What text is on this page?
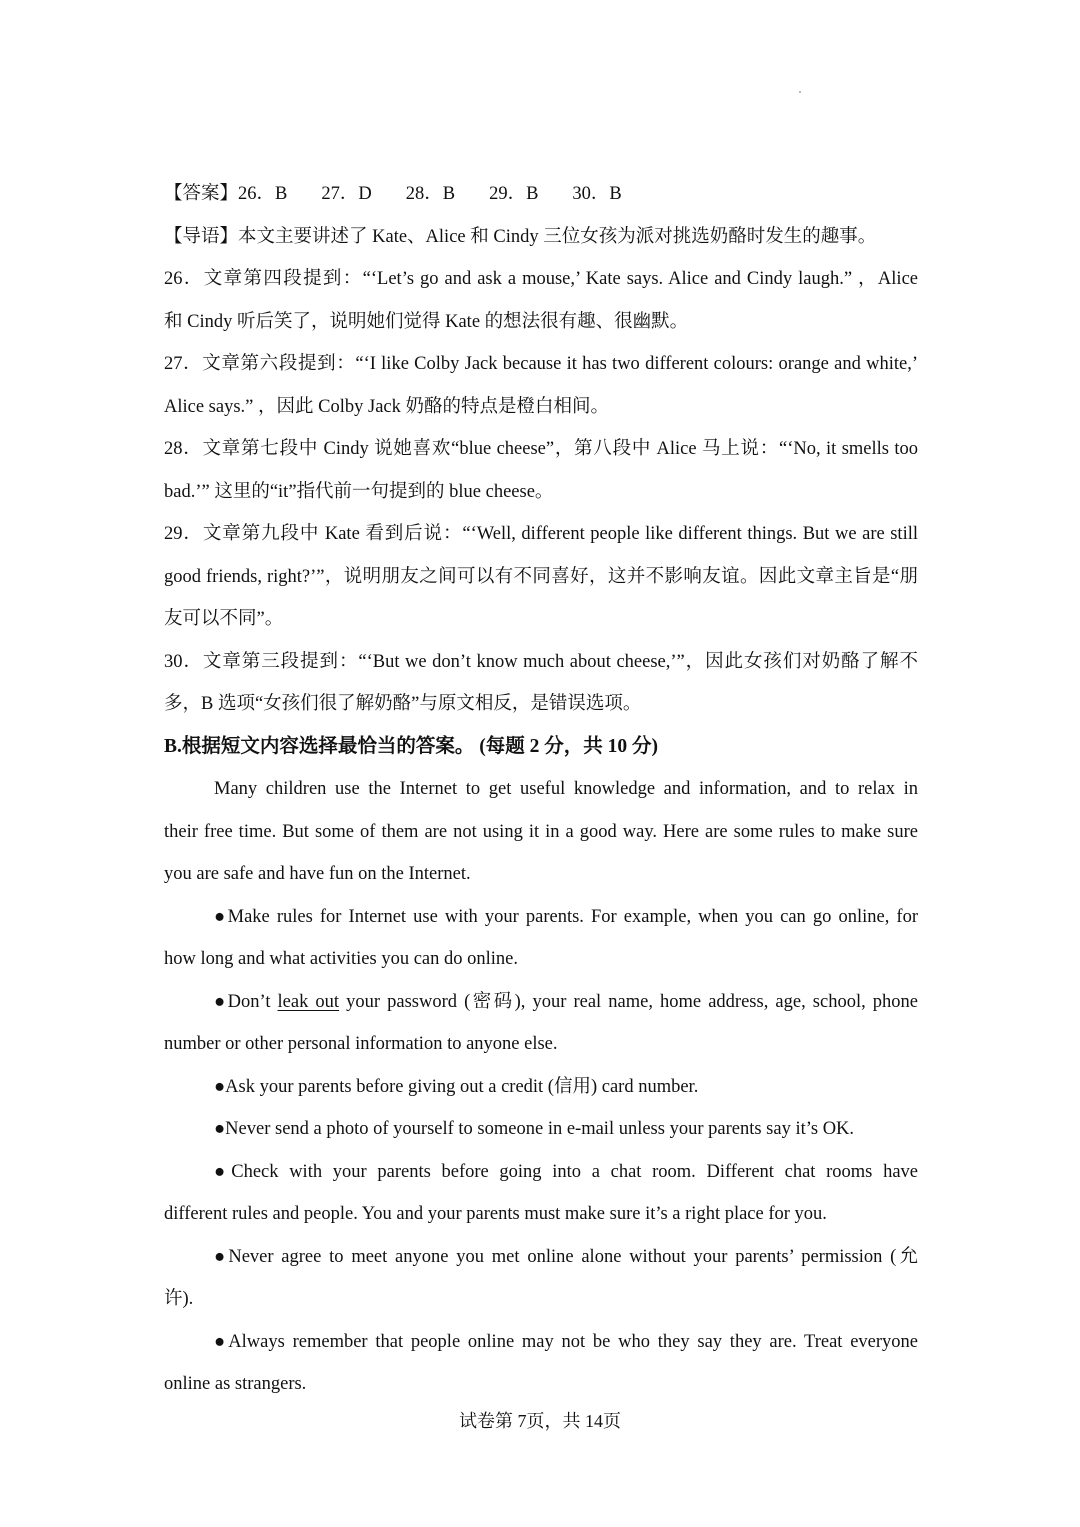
【答案】26．B 27．D 28．B 29．B 30．B
【导语】本文主要讲述了 Kate、Alice 和 Cindy 三位女孩为派对挑选奶酪时发生的趣事。
26．文章第四段提到：“‘Let’s go and ask a mouse,’ Kate says. Alice and Cindy laugh.” ，Alice
和 Cindy 听后笑了，说明她们觉得 Kate 的想法很有趣、很幽默。
27．文章第六段提到：“‘I like Colby Jack because it has two different colours: orange and white,’
Alice says.” ，因此 Colby Jack 奶酪的特点是橙白相间。
28．文章第七段中 Cindy 说她喜欢“blue cheese”，第八段中 Alice 马上说：“‘No, it smells too
bad.’” 这里的“it”指代前一句提到的 blue cheese。
29．文章第九段中 Kate 看到后说：“‘Well, different people like different things. But we are still
good friends, right?’”，说明朋友之间可以有不同喜好，这并不影响友谊。因此文章主旨是“朋
友可以不同”。
30．文章第三段提到：“‘But we don’t know much about cheese,’”，因此女孩们对奶酪了解不
多，B 选项“女孩们很了解奶酪”与原文相反，是错误选项。
B.根据短文内容选择最恰当的答案。 (每题 2 分，共 10 分)
Many children use the Internet to get useful knowledge and information, and to relax in
their free time. But some of them are not using it in a good way. Here are some rules to make sure
you are safe and have fun on the Internet.
●Make rules for Internet use with your parents. For example, when you can go online, for
how long and what activities you can do online.
●Don’t leak out your password (密码), your real name, home address, age, school, phone
number or other personal information to anyone else.
●Ask your parents before giving out a credit (信用) card number.
●Never send a photo of yourself to someone in e-mail unless your parents say it’s OK.
●Check with your parents before going into a chat room. Different chat rooms have
different rules and people. You and your parents must make sure it’s a right place for you.
●Never agree to meet anyone you met online alone without your parents’ permission (允
许).
●Always remember that people online may not be who they say they are. Treat everyone
online as strangers.
试卷第 7页，共 14页
